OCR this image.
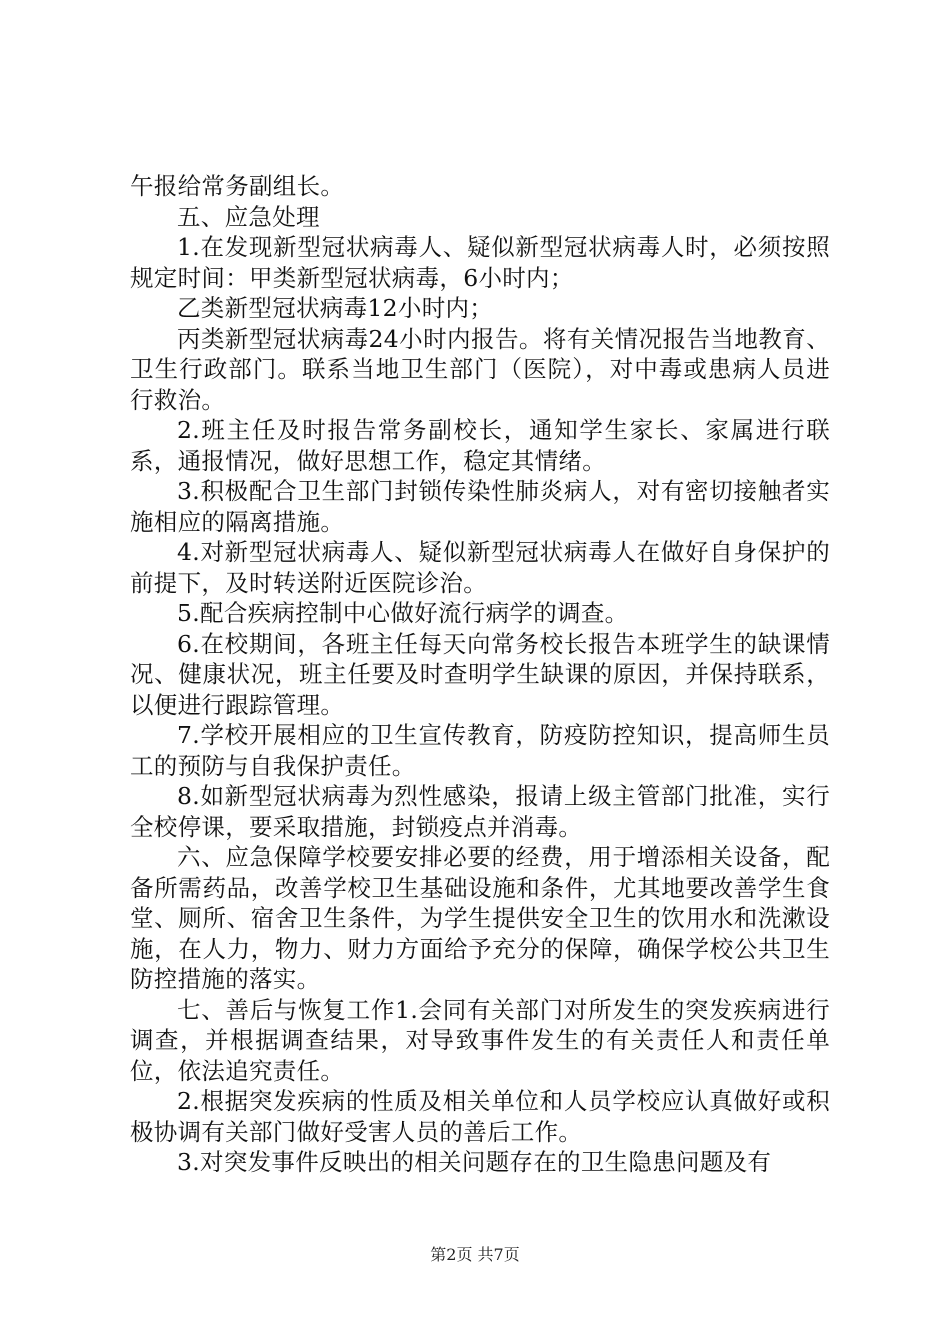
午报给常务副组长。

五、应急处理

1.在发现新型冠状病毒人、疑似新型冠状病毒人时，必须按照规定时间：甲类新型冠状病毒，6小时内；

乙类新型冠状病毒12小时内；

丙类新型冠状病毒24小时内报告。将有关情况报告当地教育、卫生行政部门。联系当地卫生部门（医院），对中毒或患病人员进行救治。

2.班主任及时报告常务副校长，通知学生家长、家属进行联系，通报情况，做好思想工作，稳定其情绪。

3.积极配合卫生部门封锁传染性肺炎病人，对有密切接触者实施相应的隔离措施。

4.对新型冠状病毒人、疑似新型冠状病毒人在做好自身保护的前提下，及时转送附近医院诊治。

5.配合疾病控制中心做好流行病学的调查。

6.在校期间，各班主任每天向常务校长报告本班学生的缺课情况、健康状况，班主任要及时查明学生缺课的原因，并保持联系，以便进行跟踪管理。

7.学校开展相应的卫生宣传教育，防疫防控知识，提高师生员工的预防与自我保护责任。

8.如新型冠状病毒为烈性感染，报请上级主管部门批准，实行全校停课，要采取措施，封锁疫点并消毒。

六、应急保障学校要安排必要的经费，用于增添相关设备，配备所需药品，改善学校卫生基础设施和条件，尤其地要改善学生食堂、厕所、宿舍卫生条件，为学生提供安全卫生的饮用水和洗漱设施，在人力，物力、财力方面给予充分的保障，确保学校公共卫生防控措施的落实。

七、善后与恢复工作1.会同有关部门对所发生的突发疾病进行调查，并根据调查结果，对导致事件发生的有关责任人和责任单位，依法追究责任。

2.根据突发疾病的性质及相关单位和人员学校应认真做好或积极协调有关部门做好受害人员的善后工作。

3.对突发事件反映出的相关问题存在的卫生隐患问题及有

第2页 共7页
